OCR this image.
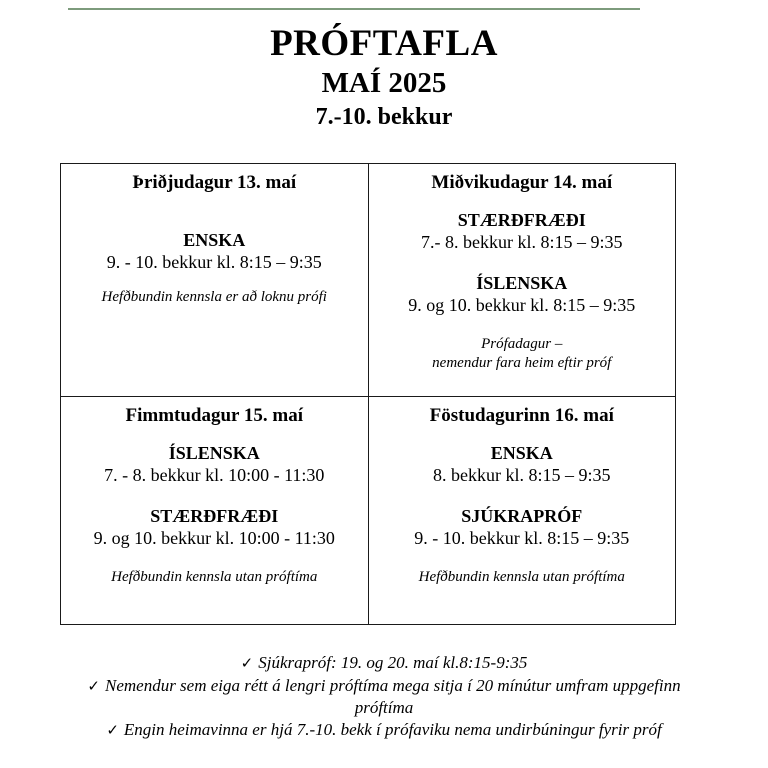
PRÓFTAFLA
MAÍ 2025
7.-10. bekkur
Þriðjudagur 13. maí
ENSKA
9. - 10. bekkur kl. 8:15 – 9:35
Hefðbundin kennsla er að loknu prófi

Miðvikudagur 14. maí
STÆRÐFRÆÐI
7.- 8. bekkur kl. 8:15 – 9:35
ÍSLENSKA
9. og 10. bekkur kl. 8:15 – 9:35
Prófadagur –
nemendur fara heim eftir próf

Fimmtudagur 15. maí
ÍSLENSKA
7. - 8. bekkur kl. 10:00 - 11:30
STÆRÐFRÆÐI
9. og 10. bekkur kl. 10:00 - 11:30
Hefðbundin kennsla utan próftíma

Föstudagurinn 16. maí
ENSKA
8. bekkur kl. 8:15 – 9:35
SJÚKRAPRÓF
9. - 10. bekkur kl. 8:15 – 9:35
Hefðbundin kennsla utan próftíma
✓ Sjúkrapróf: 19. og 20. maí kl.8:15-9:35
✓ Nemendur sem eiga rétt á lengri próftíma mega sitja í 20 mínútur umfram uppgefinn próftíma
✓ Engin heimavinna er hjá 7.-10. bekk í prófaviku nema undirbúningur fyrir próf
